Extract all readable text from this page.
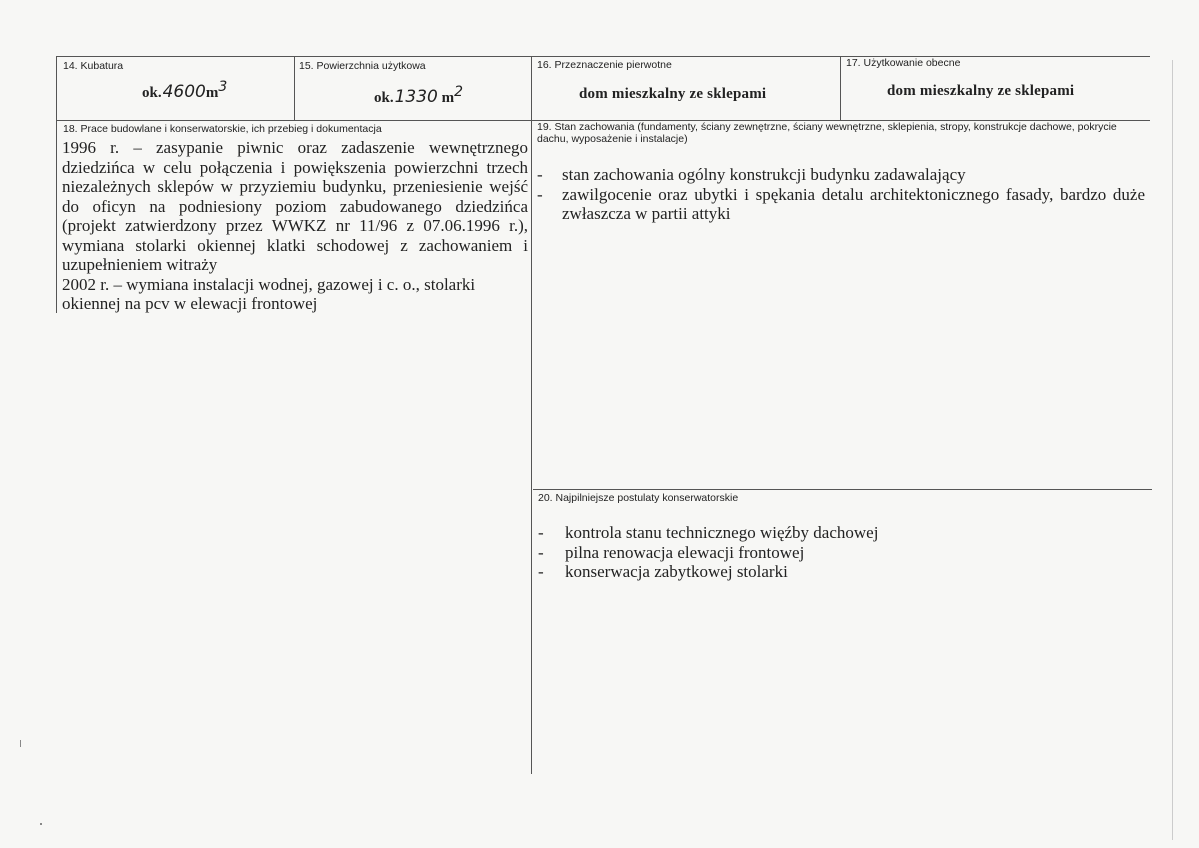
14. Kubatura
$ok.4600m^3$
15. Powierzchnia użytkowa
ok.1330 $m^2$
16. Przeznaczenie pierwotne
dom mieszkalny ze sklepami
17. Użytkowanie obecne
dom mieszkalny ze sklepami
18. Prace budowlane i konserwatorskie, ich przebieg i dokumentacja

1996 r. – zasypanie piwnic oraz zadaszenie wewnętrznego dziedzińca w celu połączenia i powiększenia powierzchni trzech niezależnych sklepów w przyziemiu budynku, przeniesienie wejść do oficyn na podniesiony poziom zabudowanego dziedzińca (projekt zatwierdzony przez WWKZ nr 11/96 z 07.06.1996 r.), wymiana stolarki okiennej klatki schodowej z zachowaniem i uzupełnieniem witraży

2002 r. – wymiana instalacji wodnej, gazowej i c. o., stolarki okiennej na pcv w elewacji frontowej

19. Stan zachowania (fundamenty, ściany zewnętrzne, ściany wewnętrzne, sklepienia, stropy, konstrukcje dachowe, pokrycie dachu, wyposażenie i instalacje)
- stan zachowania ogólny konstrukcji budynku zadawalający
- zawilgocenie oraz ubytki i spękania detalu architektonicznego fasady, bardzo duże zwłaszcza w partii attyki
20. Najpilniejsze postulaty konserwatorskie
- kontrola stanu technicznego więźby dachowej
- pilna renowacja elewacji frontowej
- konserwacja zabytkowej stolarki
